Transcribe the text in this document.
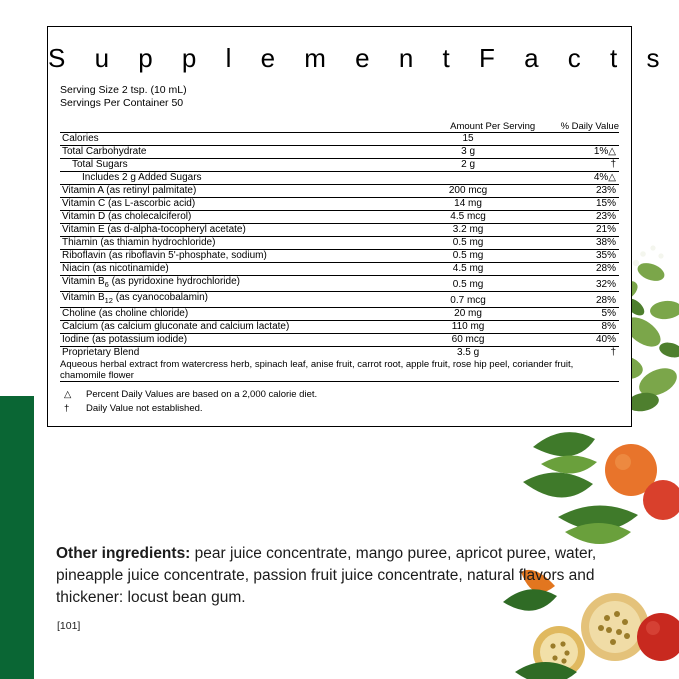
S u p p l e m e n t F a c t s
Serving Size 2 tsp. (10 mL)
Servings Per Container 50
	Amount Per Serving	% Daily Value
Calories	15	
Total Carbohydrate	3 g	1%△
Total Sugars	2 g	†
Includes 2 g Added Sugars		4%△
Vitamin A (as retinyl palmitate)	200 mcg	23%
Vitamin C (as L-ascorbic acid)	14 mg	15%
Vitamin D (as cholecalciferol)	4.5 mcg	23%
Vitamin E (as d-alpha-tocopheryl acetate)	3.2 mg	21%
Thiamin (as thiamin hydrochloride)	0.5 mg	38%
Riboflavin (as riboflavin 5'-phosphate, sodium)	0.5 mg	35%
Niacin (as nicotinamide)	4.5 mg	28%
Vitamin $B_6$ (as pyridoxine hydrochloride)	0.5 mg	32%
Vitamin $B_{12}$ (as cyanocobalamin)	0.7 mcg	28%
Choline (as choline chloride)	20 mg	5%
Calcium (as calcium gluconate and calcium lactate)	110 mg	8%
Iodine (as potassium iodide)	60 mcg	40%
Proprietary Blend	3.5 g	†
Aqueous herbal extract from watercress herb, spinach leaf, anise fruit, carrot root, apple fruit, rose hip peel, coriander fruit, chamomile flower		
△	Percent Daily Values are based on a 2,000 calorie diet.
†	Daily Value not established.
Other ingredients: pear juice concentrate, mango puree, apricot puree, water, pineapple juice concentrate, passion fruit juice concentrate, natural flavors and thickener: locust bean gum.
[101]
